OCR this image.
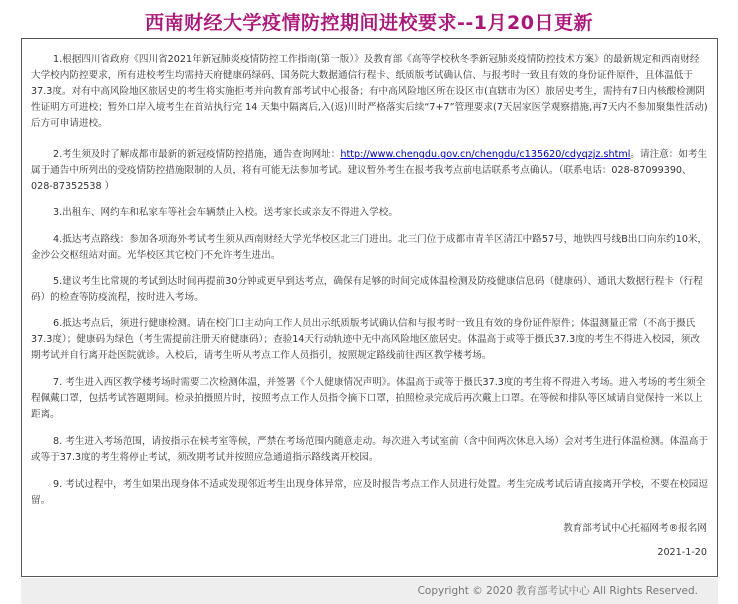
西南财经大学疫情防控期间进校要求--1月20日更新

1.根据四川省政府《四川省2021年新冠肺炎疫情防控工作指南(第一版）》及教育部《高等学校秋冬季新冠肺炎疫情防控技术方案》的最新规定和西南财经大学校内防控要求，所有进校考生均需持天府健康码绿码、国务院大数据通信行程卡、纸质版考试确认信、与报考时一致且有效的身份证件原件，且体温低于37.3度。对有中高风险地区旅居史的考生将实施拒考并向教育部考试中心报备；有中高风险地区所在设区市(直辖市为区）旅居史考生，需持有7日内核酸检测阴性证明方可进校；暂外口岸入境考生在首站执行完 14 天集中隔离后,入(返)川时严格落实后续“7+7”管理要求(7天居家医学观察措施,再7天内不参加聚集性活动) 后方可申请进校。

2.考生须及时了解成都市最新的新冠疫情防控措施，通告查询网址：http://www.chengdu.gov.cn/chengdu/c135620/cdyqzjz.shtml。请注意：如考生属于通告中所列出的受疫情防控措施限制的人员，将有可能无法参加考试。建议暂外考生在报考我考点前电话联系考点确认。（联系电话：028-87099390、028-87352538 ）

3.出租车、网约车和私家车等社会车辆禁止入校。送考家长或亲友不得进入学校。

4.抵达考点路线：参加各项海外考试考生须从西南财经大学光华校区北三门进出。北三门位于成都市青羊区清江中路57号，地铁四号线B出口向东约10米，金沙公交枢纽站对面。光华校区其它校门不允许考生进出。

5.建议考生比常规的考试到达时间再提前30分钟或更早到达考点，确保有足够的时间完成体温检测及防疫健康信息码（健康码）、通讯大数据行程卡（行程码）的检查等防疫流程，按时进入考场。

6.抵达考点后，须进行健康检测。请在校门口主动向工作人员出示纸质版考试确认信和与报考时一致且有效的身份证件原件；体温测量正常（不高于摄氏37.3度）；健康码为绿色（考生需提前注册天府健康码）；查验14天行动轨迹中无中高风险地区旅居史。体温高于或等于摄氏37.3度的考生不得进入校园，须改期考试并自行离开赴医院就诊。入校后，请考生听从考点工作人员指引，按照规定路线前往西区教学楼考场。

7. 考生进入西区教学楼考场时需要二次检测体温，并签署《个人健康情况声明》。体温高于或等于摄氏37.3度的考生将不得进入考场。进入考场的考生须全程佩戴口罩，包括考试答题期间。检录拍摄照片时，按照考点工作人员指令摘下口罩，拍照检录完成后再次戴上口罩。在等候和排队等区域请自觉保持一米以上距离。

8. 考生进入考场范围，请按指示在候考室等候，严禁在考场范围内随意走动。每次进入考试室前（含中间两次休息入场）会对考生进行体温检测。体温高于或等于37.3度的考生将停止考试，须改期考试并按照应急通道指示路线离开校园。

9. 考试过程中，考生如果出现身体不适或发现邻近考生出现身体异常，应及时报告考点工作人员进行处置。考生完成考试后请直接离开学校，不要在校园逗留。

教育部考试中心托福网考®报名网
2021-1-20
Copyright © 2020 教育部考试中心 All Rights Reserved.
